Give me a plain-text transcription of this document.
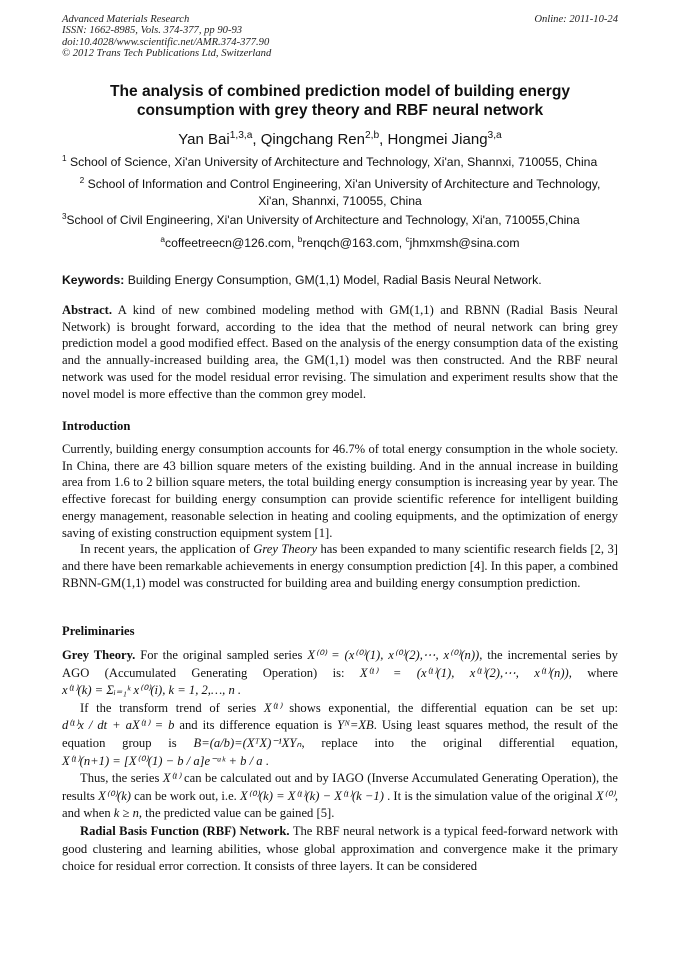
Advanced Materials Research
ISSN: 1662-8985, Vols. 374-377, pp 90-93
doi:10.4028/www.scientific.net/AMR.374-377.90
© 2012 Trans Tech Publications Ltd, Switzerland
Online: 2011-10-24
The analysis of combined prediction model of building energy consumption with grey theory and RBF neural network
Yan Bai$^{1,3,a}$, Qingchang Ren$^{2,b}$, Hongmei Jiang$^{3,a}$
$^1$ School of Science, Xi'an University of Architecture and Technology, Xi'an, Shannxi, 710055, China
$^2$ School of Information and Control Engineering, Xi'an University of Architecture and Technology,
Xi'an, Shannxi, 710055, China
$^3$School of Civil Engineering, Xi'an University of Architecture and Technology, Xi'an, 710055,China
$^a$coffeetreecn@126.com, $^b$renqch@163.com, $^c$jhmxmsh@sina.com
Keywords: Building Energy Consumption, GM(1,1) Model, Radial Basis Neural Network.

Abstract. A kind of new combined modeling method with GM(1,1) and RBNN (Radial Basis Neural Network) is brought forward, according to the idea that the method of neural network can bring grey prediction model a good modified effect. Based on the analysis of the energy consumption data of the existing and the annually-increased building area, the GM(1,1) model was then constructed. And the RBF neural network was used for the model residual error revising. The simulation and experiment results show that the novel model is more effective than the common grey model.

Introduction

Currently, building energy consumption accounts for 46.7% of total energy consumption in the whole society. In China, there are 43 billion square meters of the existing building. And in the annual increase in building area from 1.6 to 2 billion square meters, the total building energy consumption is increasing year by year. The effective forecast for building energy consumption can provide scientific reference for intelligent building energy management, reasonable selection in heating and cooling equipments, and the optimization of energy saving of existing construction equipment system [1].

In recent years, the application of Grey Theory has been expanded to many scientific research fields [2, 3] and there have been remarkable achievements in energy consumption prediction [4]. In this paper, a combined RBNN-GM(1,1) model was constructed for building area and building energy consumption prediction.

Preliminaries

Grey Theory. For the original sampled series X⁽⁰⁾ = (x⁽⁰⁾(1), x⁽⁰⁾(2),⋯, x⁽⁰⁾(n)), the incremental series by AGO (Accumulated Generating Operation) is: X⁽¹⁾ = (x⁽¹⁾(1), x⁽¹⁾(2),⋯, x⁽¹⁾(n)), where x⁽¹⁾(k) = Σᵢ₌₁ᵏ x⁽⁰⁾(i), k = 1, 2,…, n .

If the transform trend of series X⁽¹⁾ shows exponential, the differential equation can be set up: d⁽¹⁾x / dt + aX⁽¹⁾ = b and its difference equation is Yᴺ=XB. Using least squares method, the result of the equation group is B=(a/b)=(XᵀX)⁻¹XYₙ, replace into the original differential equation, X⁽¹⁾(n+1) = [X⁽⁰⁾(1) − b / a]e⁻ᵃᵏ + b / a .

Thus, the series X⁽¹⁾ can be calculated out and by IAGO (Inverse Accumulated Generating Operation), the results X⁽⁰⁾(k) can be work out, i.e. X⁽⁰⁾(k) = X⁽¹⁾(k) − X⁽¹⁾(k −1) . It is the simulation value of the original X⁽⁰⁾, and when k ≥ n, the predicted value can be gained [5].

Radial Basis Function (RBF) Network. The RBF neural network is a typical feed-forward network with good clustering and learning abilities, whose global approximation and convergence make it the primary choice for residual error correction. It consists of three layers. It can be considered
